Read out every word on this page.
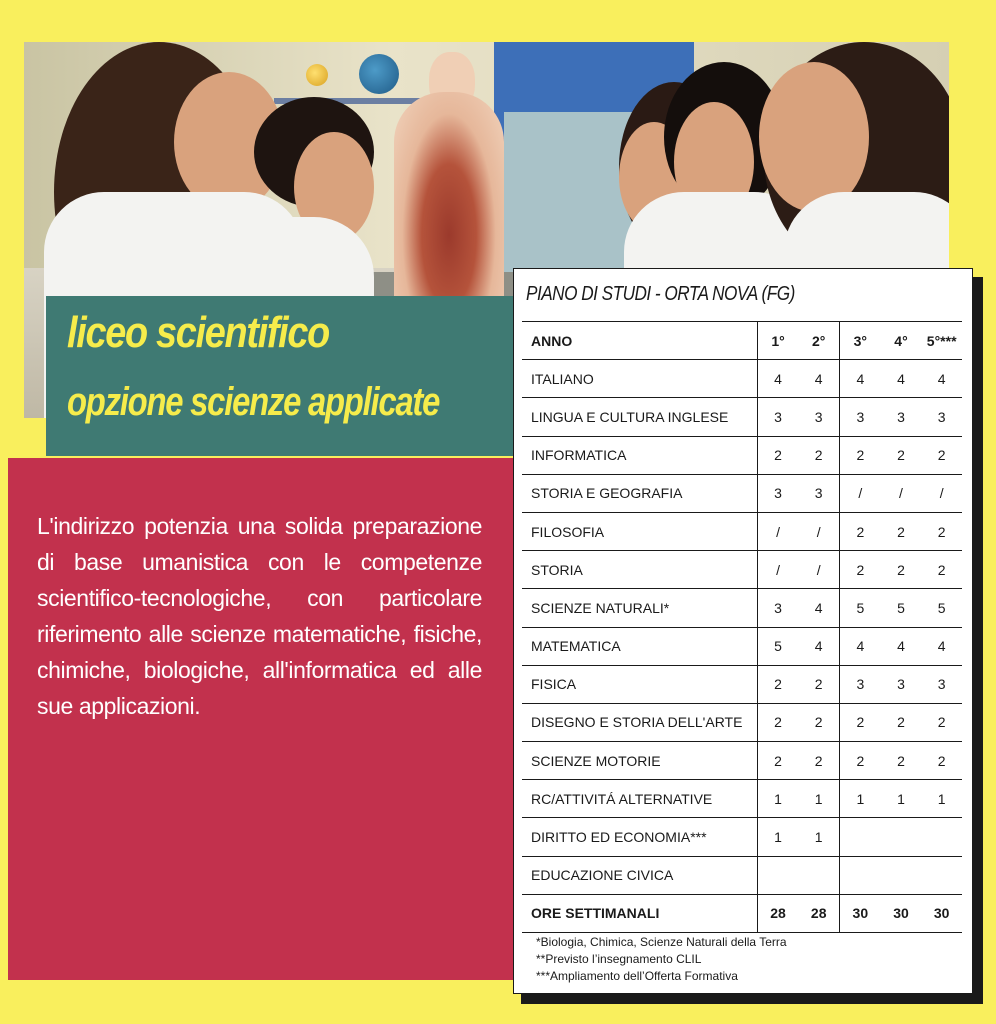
liceo scientifico
opzione scienze applicate
L'indirizzo potenzia una solida preparazione di base umanistica con le competenze scientifico-tecnologiche, con particolare riferimento alle scienze matematiche, fisiche, chimiche, biologiche, all'informatica ed alle sue applicazioni.
PIANO DI STUDI - ORTA NOVA (FG)
ANNO	1°	2°	3°	4°	5°***
ITALIANO	4	4	4	4	4
LINGUA E CULTURA INGLESE	3	3	3	3	3
INFORMATICA	2	2	2	2	2
STORIA E GEOGRAFIA	3	3	/	/	/
FILOSOFIA	/	/	2	2	2
STORIA	/	/	2	2	2
SCIENZE NATURALI*	3	4	5	5	5
MATEMATICA	5	4	4	4	4
FISICA	2	2	3	3	3
DISEGNO E STORIA DELL'ARTE	2	2	2	2	2
SCIENZE MOTORIE	2	2	2	2	2
RC/ATTIVITÁ ALTERNATIVE	1	1	1	1	1
DIRITTO ED ECONOMIA***	1	1			
EDUCAZIONE CIVICA					
ORE SETTIMANALI	28	28	30	30	30
*Biologia, Chimica, Scienze Naturali della Terra
**Previsto l’insegnamento CLIL
***Ampliamento dell’Offerta Formativa
